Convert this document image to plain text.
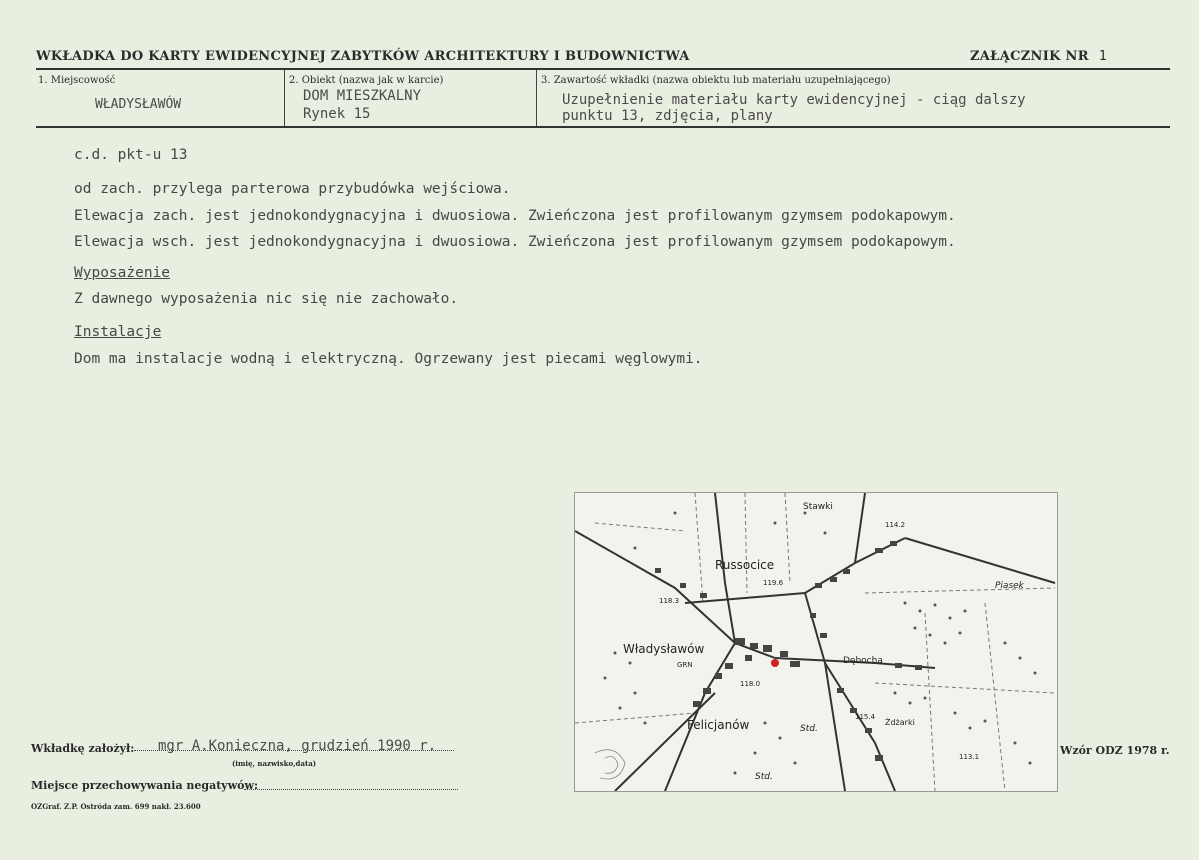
WKŁADKA DO KARTY EWIDENCYJNEJ ZABYTKÓW ARCHITEKTURY I BUDOWNICTWA	ZAŁĄCZNIK NR 1
1. Miejscowość
WŁADYSŁAWÓW
2. Obiekt (nazwa jak w karcie)
DOM MIESZKALNY
Rynek 15
3. Zawartość wkładki (nazwa obiektu lub materiału uzupełniającego)
Uzupełnienie materiału karty ewidencyjnej - ciąg dalszy
punktu 13, zdjęcia, plany
c.d. pkt-u 13
od zach. przylega parterowa przybudówka wejściowa.
Elewacja zach. jest jednokondygnacyjna i dwuosiowa. Zwieńczona jest profilowanym gzymsem podokapowym.
Elewacja wsch. jest jednokondygnacyjna i dwuosiowa. Zwieńczona jest profilowanym gzymsem podokapowym.
Wyposażenie
Z dawnego wyposażenia nic się nie zachowało.
Instalacje
Dom ma instalacje wodną i elektryczną. Ogrzewany jest piecami węglowymi.
Stawki
114.2
Russocice
119.6
118.3
Piasek
Władysławów
GRN	Dębocha
118.0
Felicjanów	Std.
115.4
Żdżarki
113.1
Std.
Wkładkę założył: mgr A.Konieczna, grudzień 1990 r.
(imię, nazwisko,data)
Miejsce przechowywania negatywów:
OZGraf. Z.P. Ostróda zam. 699 nakł. 23.600
Wzór ODZ 1978 r.
